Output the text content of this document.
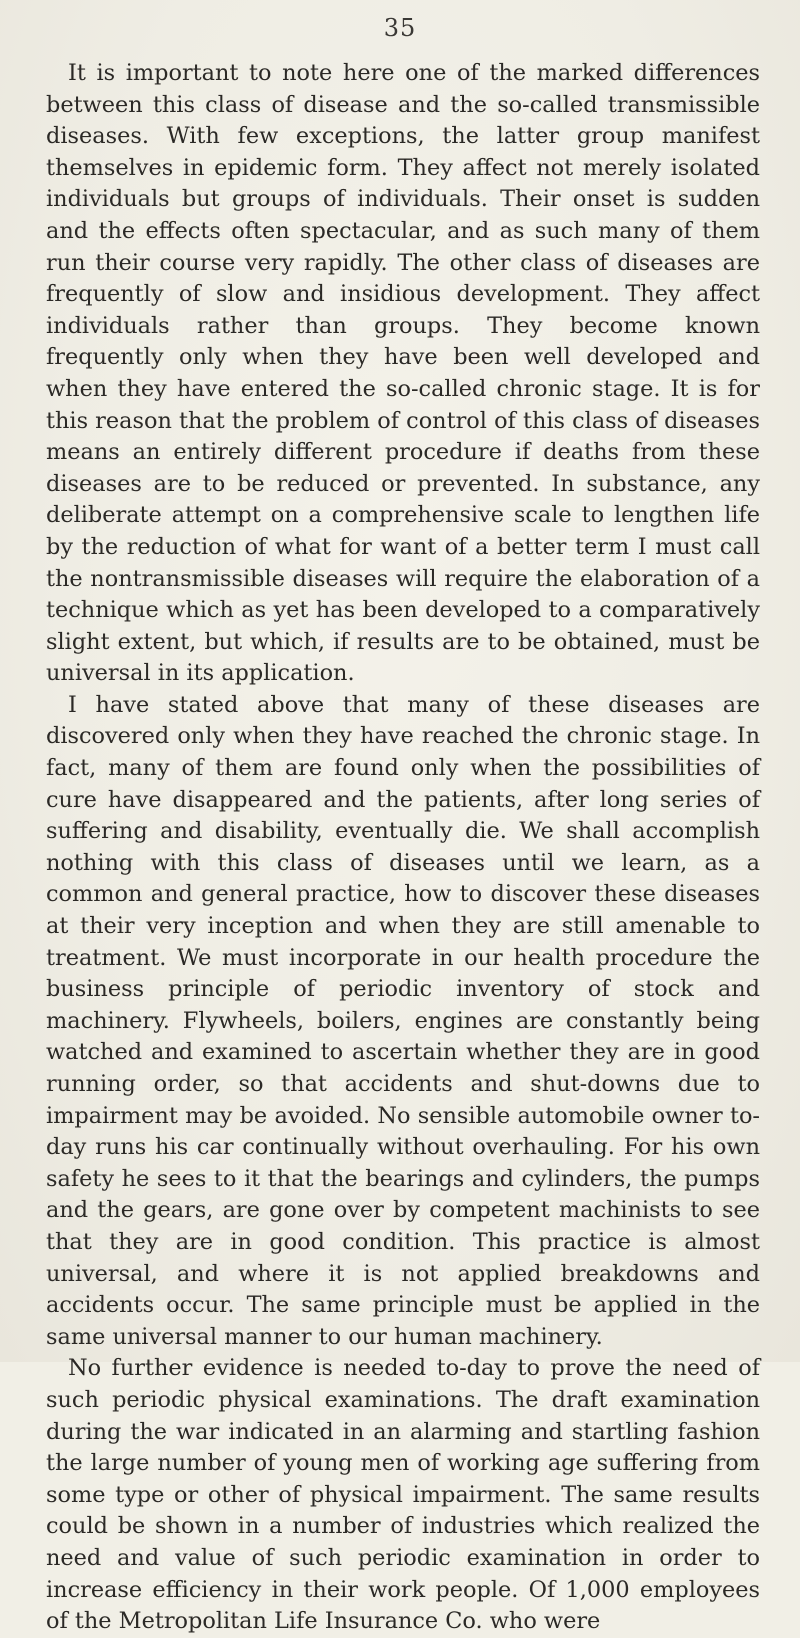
35

It is important to note here one of the marked differences between this class of disease and the so-called transmissible diseases. With few exceptions, the latter group manifest themselves in epidemic form. They affect not merely isolated individuals but groups of individuals. Their onset is sudden and the effects often spectacular, and as such many of them run their course very rapidly. The other class of diseases are frequently of slow and insidious development. They affect individuals rather than groups. They become known frequently only when they have been well developed and when they have entered the so-called chronic stage. It is for this reason that the problem of control of this class of diseases means an entirely different procedure if deaths from these diseases are to be reduced or prevented. In substance, any deliberate attempt on a comprehensive scale to lengthen life by the reduction of what for want of a better term I must call the nontransmissible diseases will require the elaboration of a technique which as yet has been developed to a comparatively slight extent, but which, if results are to be obtained, must be universal in its application.

I have stated above that many of these diseases are discovered only when they have reached the chronic stage. In fact, many of them are found only when the possibilities of cure have disappeared and the patients, after long series of suffering and disability, eventually die. We shall accomplish nothing with this class of diseases until we learn, as a common and general practice, how to discover these diseases at their very inception and when they are still amenable to treatment. We must incorporate in our health procedure the business principle of periodic inventory of stock and machinery. Flywheels, boilers, engines are constantly being watched and examined to ascertain whether they are in good running order, so that accidents and shut-downs due to impairment may be avoided. No sensible automobile owner to-day runs his car continually without overhauling. For his own safety he sees to it that the bearings and cylinders, the pumps and the gears, are gone over by competent machinists to see that they are in good condition. This practice is almost universal, and where it is not applied breakdowns and accidents occur. The same principle must be applied in the same universal manner to our human machinery.

No further evidence is needed to-day to prove the need of such periodic physical examinations. The draft examination during the war indicated in an alarming and startling fashion the large number of young men of working age suffering from some type or other of physical impairment. The same results could be shown in a number of industries which realized the need and value of such periodic examination in order to increase efficiency in their work people. Of 1,000 employees of the Metropolitan Life Insurance Co. who were
